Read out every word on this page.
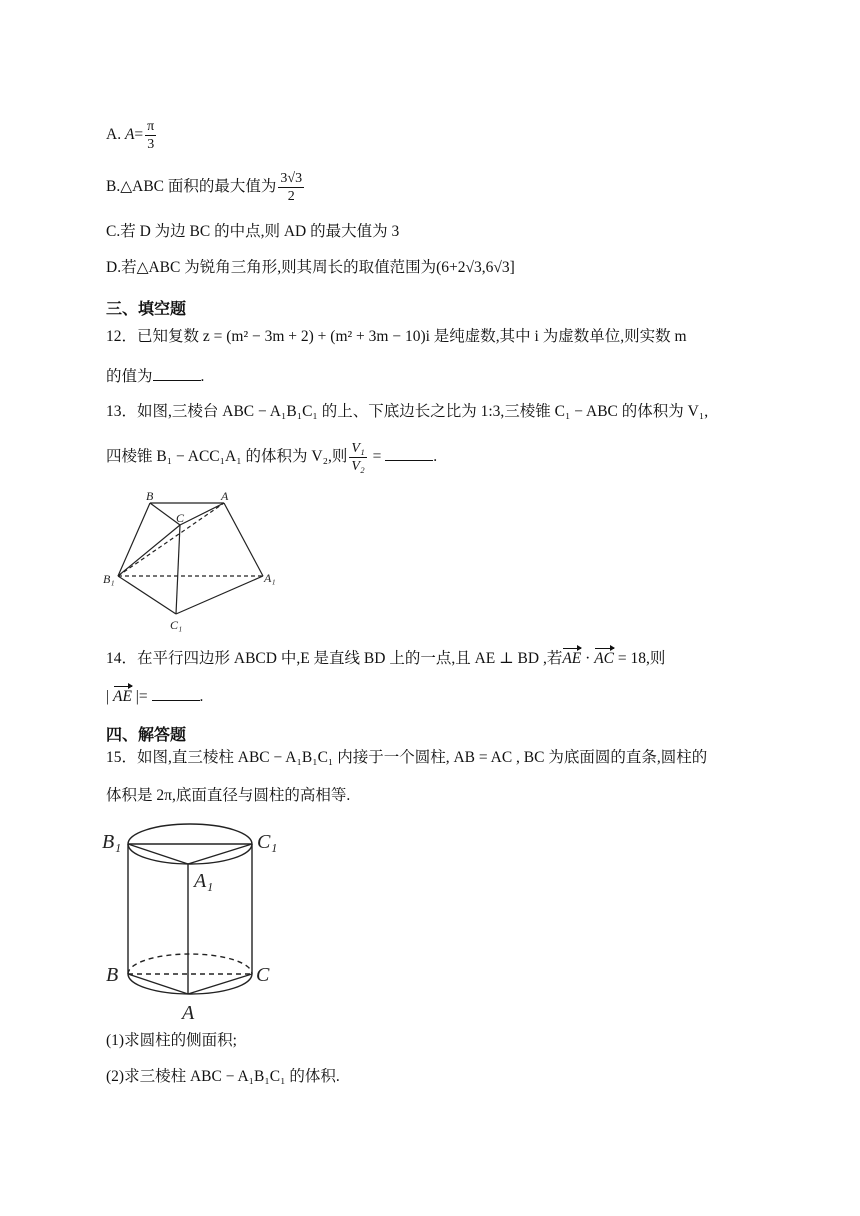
A. $A= \frac{\pi}{3}$
B.△ABC 面积的最大值为 $\frac{3√3}{2}$
C.若 D 为边 BC 的中点,则 AD 的最大值为 3
D.若△ABC 为锐角三角形,则其周长的取值范围为(6+2√3,6√3]
三、填空题
12．已知复数 z = (m² − 3m + 2) + (m² + 3m − 10)i 是纯虚数,其中 i 为虚数单位,则实数 m
的值为	.
13．如图,三棱台 ABC − A₁B₁C₁ 的上、下底边长之比为 1:3,三棱锥 C₁ − ABC 的体积为 V₁,
四棱锥 B₁ − ACC₁A₁ 的体积为 V₂,则 $\frac{\text{V₁}}{\text{V₂}}$ =	.
B	A
C
B₁	A₁
C₁
14．在平行四边形 ABCD 中,E 是直线 BD 上的一点,且 AE ⊥ BD ,若AE · AC = 18,则
| AE |=	.
四、解答题
15．如图,直三棱柱 ABC − A₁B₁C₁ 内接于一个圆柱, AB = AC , BC 为底面圆的直条,圆柱的
体积是 2π,底面直径与圆柱的高相等.
B₁	C₁
A₁
B	C
A
(1)求圆柱的侧面积;
(2)求三棱柱 ABC − A₁B₁C₁ 的体积.
